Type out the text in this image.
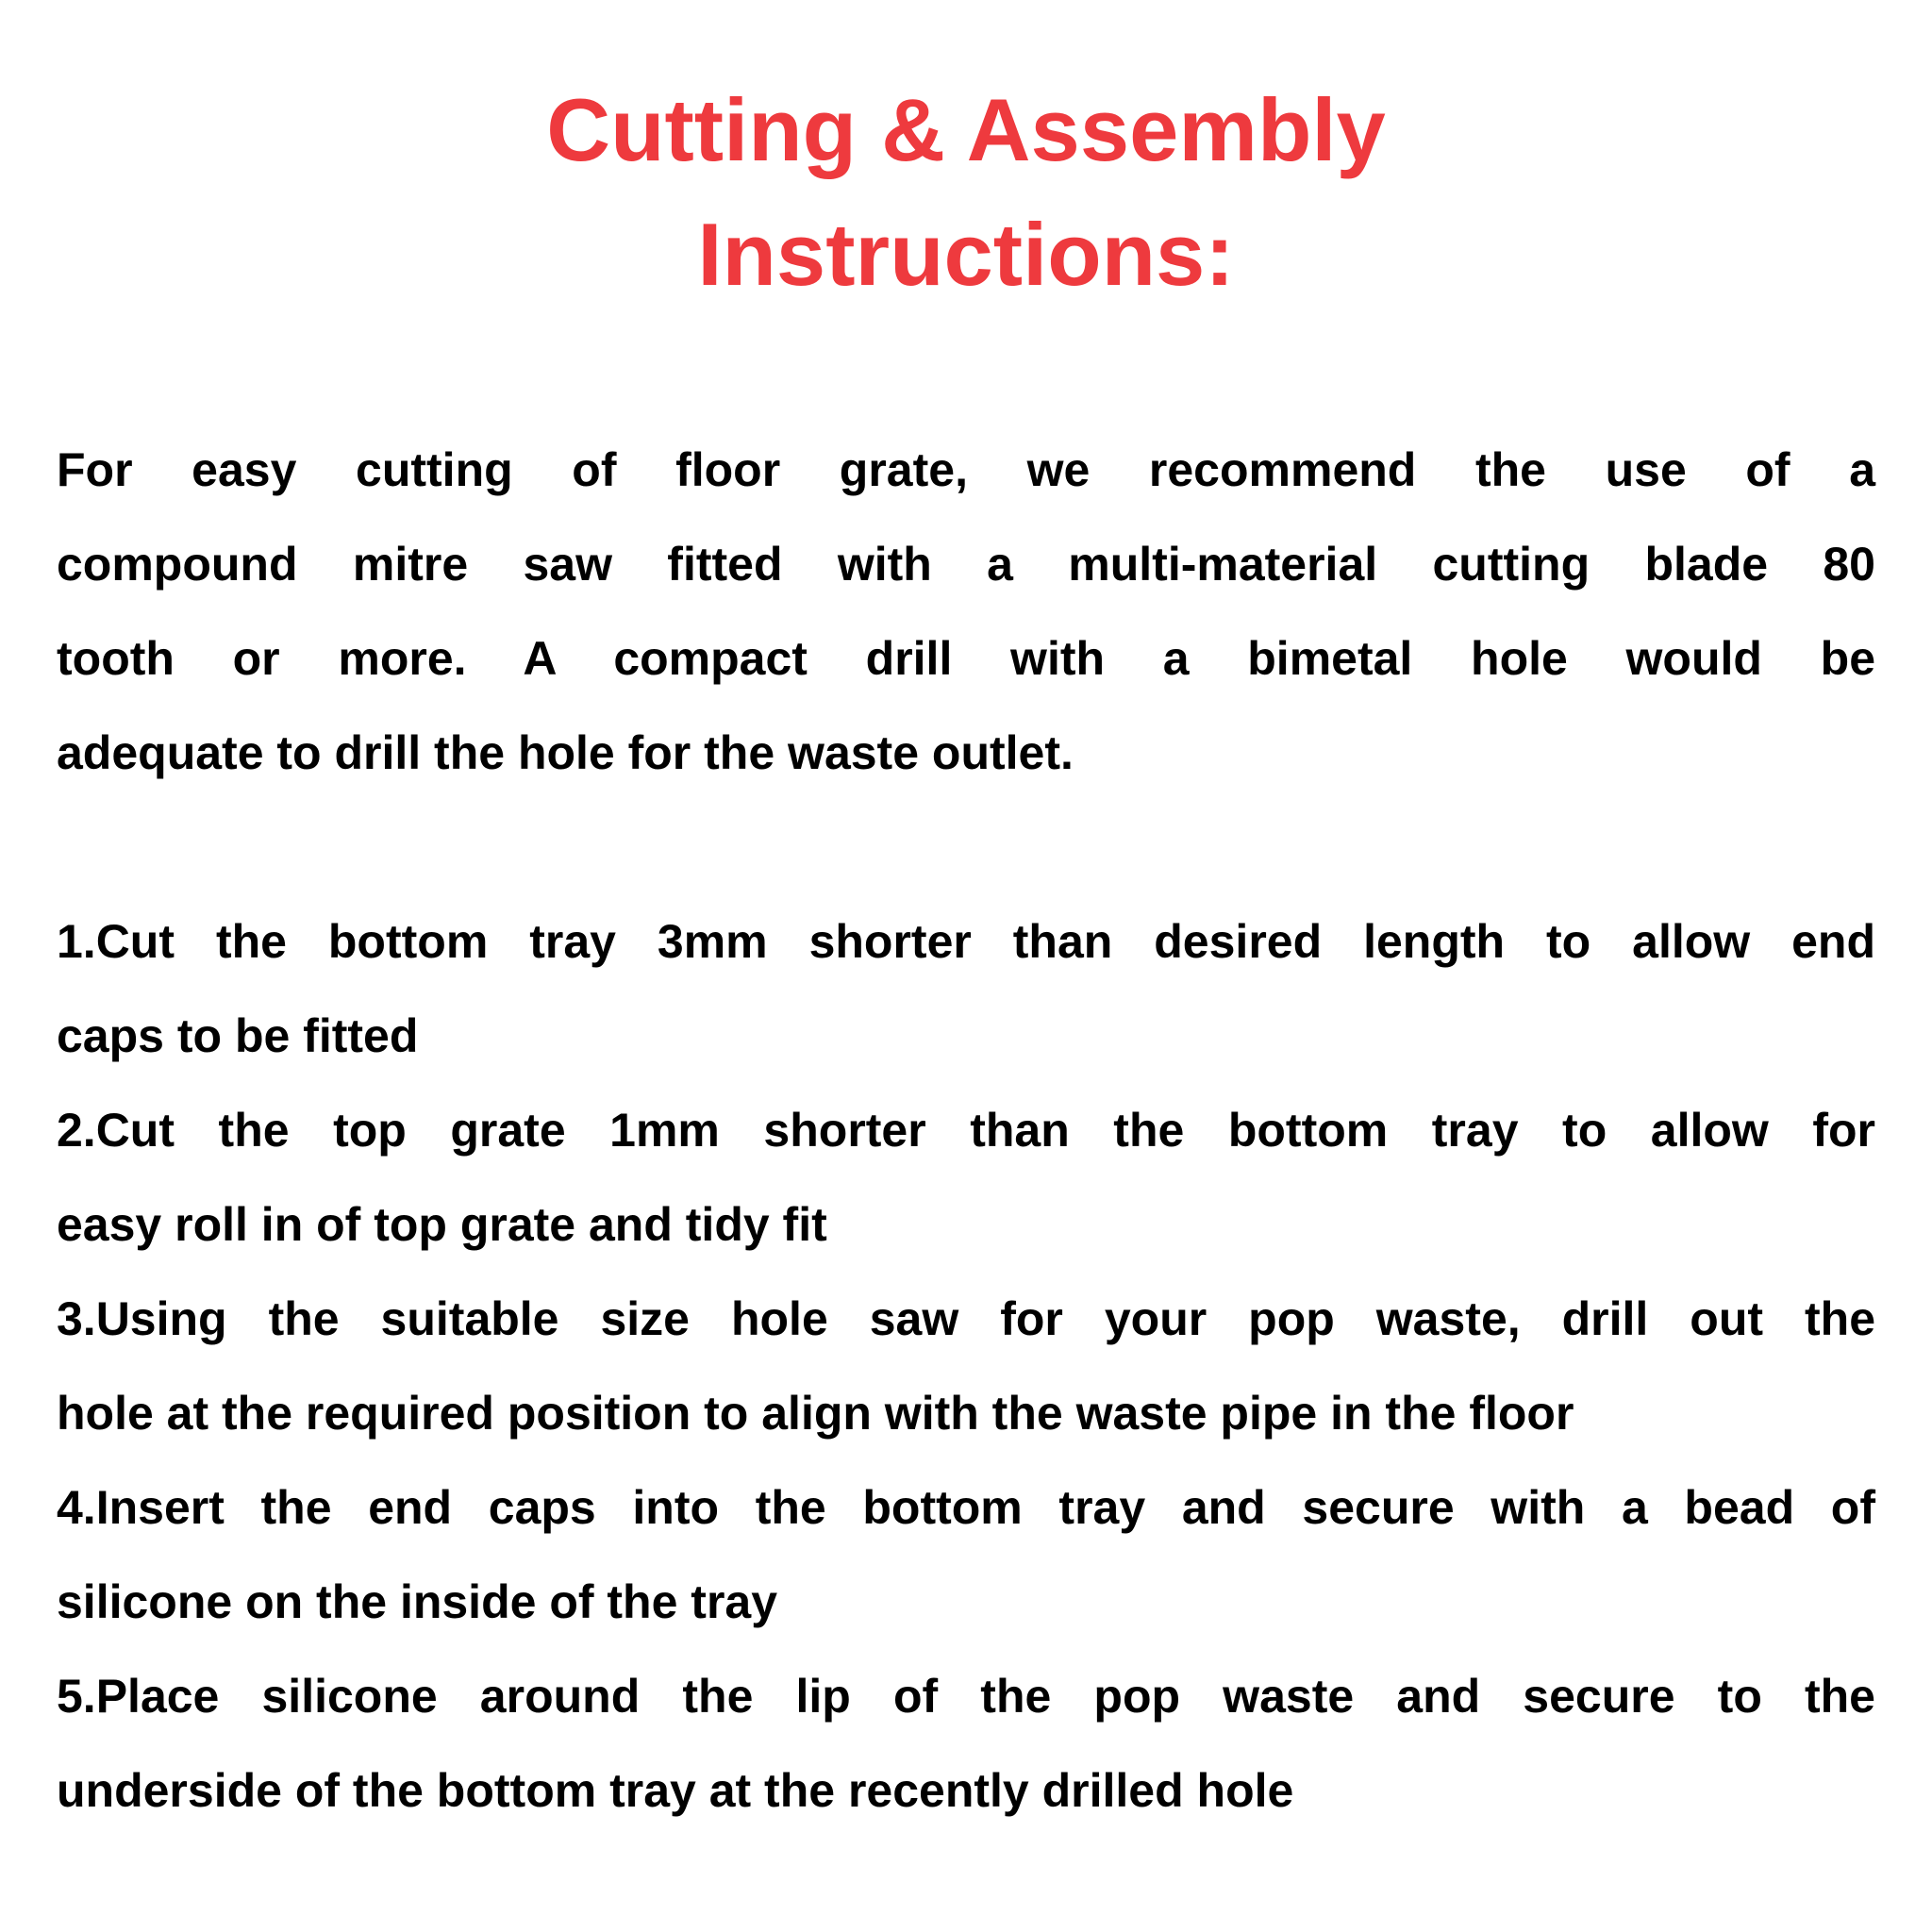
Cutting & Assembly
Instructions:

For easy cutting of floor grate, we recommend the use of a
compound mitre saw fitted with a multi-material cutting blade 80
tooth or more. A compact drill with a bimetal hole would be
adequate to drill the hole for the waste outlet.

1.Cut the bottom tray 3mm shorter than desired length to allow end
caps to be fitted
2.Cut the top grate 1mm shorter than the bottom tray to allow for
easy roll in of top grate and tidy fit
3.Using the suitable size hole saw for your pop waste, drill out the
hole at the required position to align with the waste pipe in the floor
4.Insert the end caps into the bottom tray and secure with a bead of
silicone on the inside of the tray
5.Place silicone around the lip of the pop waste and secure to the
underside of the bottom tray at the recently drilled hole
